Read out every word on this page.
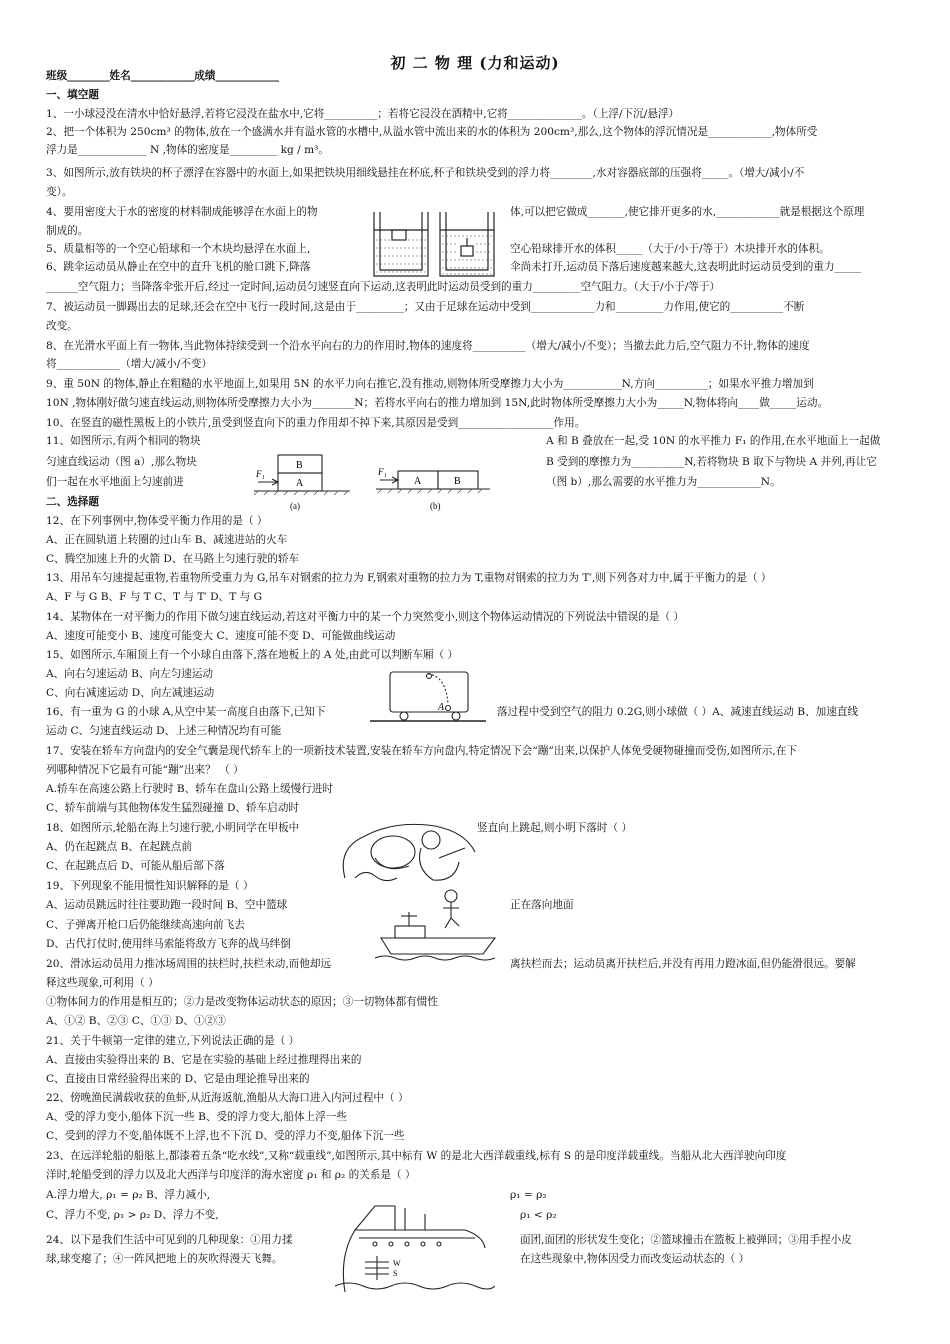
初 二 物 理 (力和运动)
班级________姓名____________成绩____________
一、填空题
1、一小球浸没在清水中恰好悬浮,若将它浸没在盐水中,它将__________；若将它浸没在酒精中,它将______________。（上浮/下沉/悬浮）
2、把一个体积为 250cm³ 的物体,放在一个盛满水并有溢水管的水槽中,从溢水管中流出来的水的体积为 200cm³,那么,这个物体的浮沉情况是____________,物体所受
浮力是_____________ N ,物体的密度是_________ kg / m³。
3、如图所示,放有铁块的杯子漂浮在容器中的水面上,如果把铁块用细线悬挂在杯底,杯子和铁块受到的浮力将________,水对容器底部的压强将_____。（增大/减小/不
变）。
4、要用密度大于水的密度的材料制成能够浮在水面上的物	体,可以把它做成_______,使它排开更多的水,____________就是根据这个原理
制成的。
5、质量相等的一个空心铅球和一个木块均悬浮在水面上,	空心铅球排开水的体积_____（大于/小于/等于）木块排开水的体积。
6、跳伞运动员从静止在空中的直升飞机的舱口跳下,降落	伞尚未打开,运动员下落后速度越来越大,这表明此时运动员受到的重力_____
______空气阻力；当降落伞张开后,经过一定时间,运动员匀速竖直向下运动,这表明此时运动员受到的重力_________空气阻力。（大于/小于/等于）
7、被运动员一脚踢出去的足球,还会在空中飞行一段时间,这是由于_________；又由于足球在运动中受到____________力和_________力作用,使它的__________不断
改变。
8、在光滑水平面上有一物体,当此物体持续受到一个沿水平向右的力的作用时,物体的速度将__________（增大/减小/不变）；当撤去此力后,空气阻力不计,物体的速度
将____________（增大/减小/不变）
9、重 50N 的物体,静止在粗糙的水平地面上,如果用 5N 的水平力向右推它,没有推动,则物体所受摩擦力大小为___________N,方向__________；如果水平推力增加到
10N ,物体刚好做匀速直线运动,则物体所受摩擦力大小为________N；若将水平向右的推力增加到 15N,此时物体所受摩擦力大小为_____N,物体将向____做_____运动。
10、在竖直的磁性黑板上的小铁片,虽受到竖直向下的重力作用却不掉下来,其原因是受到__________________作用。
11、如图所示,有两个相同的物块	A 和 B 叠放在一起,受 10N 的水平推力 F₁ 的作用,在水平地面上一起做
匀速直线运动（图 a）,那么物块	B 受到的摩擦力为__________N,若将物块 B 取下与物块 A 并列,再让它
们一起在水平地面上匀速前进	（图 b）,那么需要的水平推力为____________N。
二、选择题
12、在下列事例中,物体受平衡力作用的是（ ）
A、正在圆轨道上转圈的过山车 B、减速进站的火车
C、腾空加速上升的火箭 D、在马路上匀速行驶的轿车
13、用吊车匀速提起重物,若重物所受重力为 G,吊车对钢索的拉力为 F,钢索对重物的拉力为 T,重物对钢索的拉力为 T′,则下列各对力中,属于平衡力的是（ ）
A、F 与 G B、F 与 T C、T 与 T′ D、T 与 G
14、某物体在一对平衡力的作用下做匀速直线运动,若这对平衡力中的某一个力突然变小,则这个物体运动情况的下列说法中错误的是（ ）
A、速度可能变小 B、速度可能变大 C、速度可能不变 D、可能做曲线运动
15、如图所示,车厢顶上有一个小球自由落下,落在地板上的 A 处,由此可以判断车厢（ ）
A、向右匀速运动 B、向左匀速运动
C、向右减速运动 D、向左减速运动
16、有一重为 G 的小球 A,从空中某一高度自由落下,已知下	落过程中受到空气的阻力 0.2G,则小球做（ ）A、减速直线运动 B、加速直线
运动 C、匀速直线运动 D、上述三种情况均有可能
17、安装在轿车方向盘内的安全气囊是现代轿车上的一项新技术装置,安装在轿车方向盘内,特定情况下会“蹦”出来,以保护人体免受硬物碰撞而受伤,如图所示,在下
列哪种情况下它最有可能“蹦”出来？ （ ）
A.轿车在高速公路上行驶时 B、轿车在盘山公路上缓慢行进时
C、轿车前端与其他物体发生猛烈碰撞 D、轿车启动时
18、如图所示,轮船在海上匀速行驶,小明同学在甲板中	竖直向上跳起,则小明下落时（ ）
A、仍在起跳点 B、在起跳点前
C、在起跳点后 D、可能从船后部下落
19、下列现象不能用惯性知识解释的是（ ）
A、运动员跳远时往往要助跑一段时间 B、空中篮球	正在落向地面
C、子弹离开枪口后仍能继续高速向前飞去
D、古代打仗时,使用绊马索能将敌方飞奔的战马绊倒
20、滑冰运动员用力推冰场周围的扶栏时,扶栏未动,而他却远	离扶栏而去；运动员离开扶栏后,并没有再用力蹬冰面,但仍能滑很远。要解
释这些现象,可利用（ ）
①物体间力的作用是相互的；②力是改变物体运动状态的原因；③一切物体都有惯性
A、①② B、②③ C、①③ D、①②③
21、关于牛顿第一定律的建立,下列说法正确的是（ ）
A、直接由实验得出来的 B、它是在实验的基础上经过推理得出来的
C、直接由日常经验得出来的 D、它是由理论推导出来的
22、傍晚渔民满载收获的鱼虾,从近海返航,渔船从大海口进入内河过程中（ ）
A、受的浮力变小,船体下沉一些 B、受的浮力变大,船体上浮一些
C、受到的浮力不变,船体既不上浮,也不下沉 D、受的浮力不变,船体下沉一些
23、在远洋轮船的船舷上,都漆着五条“吃水线”,又称“载重线”,如图所示,其中标有 W 的是北大西洋载重线,标有 S 的是印度洋载重线。当船从北大西洋驶向印度
洋时,轮船受到的浮力以及北大西洋与印度洋的海水密度 ρ₁ 和 ρ₂ 的关系是（ ）
A.浮力增大, ρ₁ = ρ₂ B、浮力减小,	ρ₁ = ρ₂
C、浮力不变, ρ₁ > ρ₂ D、浮力不变,	ρ₁ < ρ₂
24、以下是我们生活中可见到的几种现象：①用力揉	面团,面团的形状发生变化；②篮球撞击在篮板上被弹回；③用手捏小皮
球,球变瘪了；④一阵风把地上的灰吹得漫天飞舞。	在这些现象中,物体因受力而改变运动状态的（ ）
F₁
B
A
(a)
F₁
A	B
(b)
A
W
S
